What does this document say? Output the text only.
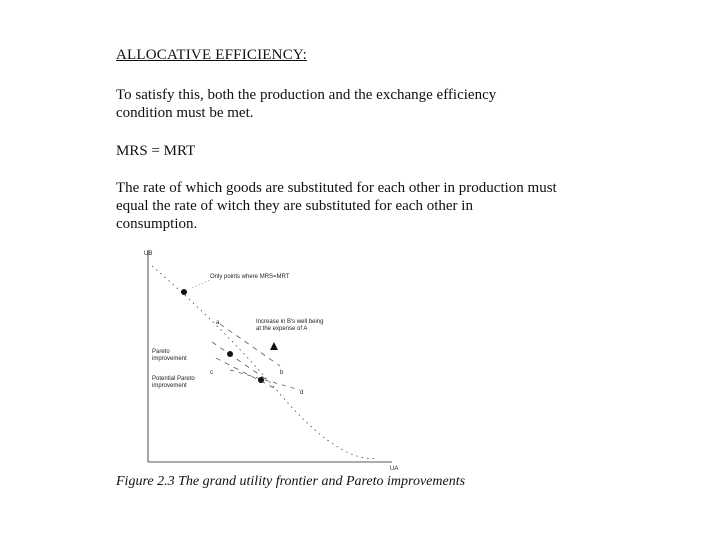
ALLOCATIVE EFFICIENCY:
To satisfy this, both the production and the exchange efficiency
condition must be met.
MRS = MRT
The rate of which goods are substituted for each other in production must
equal the rate of witch they are substituted for each other in
consumption.
UB
UA
Only points where MRS=MRT
Increase in B's well being
at the expense of A
Pareto
improvement
Potential Pareto
improvement
a
b
c
d
Figure 2.3 The grand utility frontier and Pareto improvements
